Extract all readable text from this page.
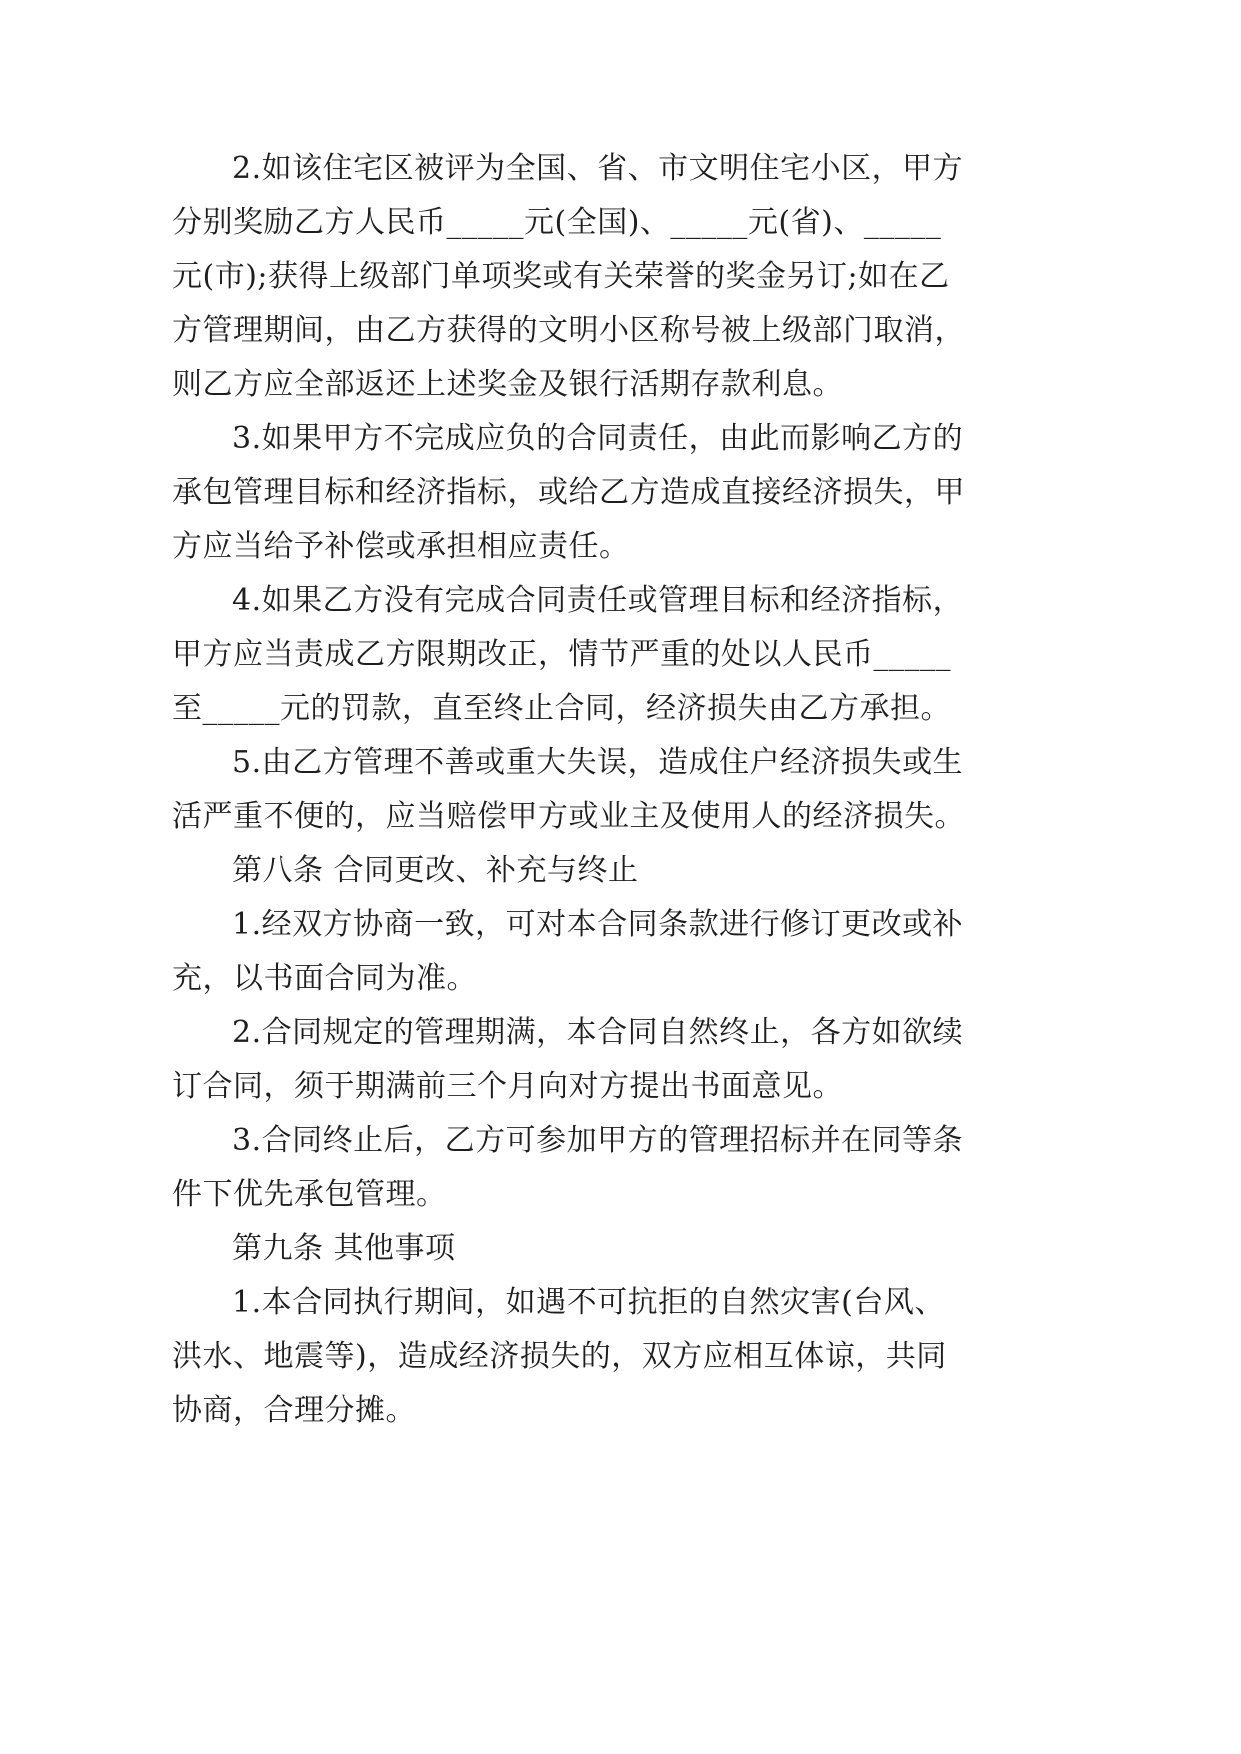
2.如该住宅区被评为全国、省、市文明住宅小区，甲方
分别奖励乙方人民币_____元(全国)、_____元(省)、_____
元(市);获得上级部门单项奖或有关荣誉的奖金另订;如在乙
方管理期间，由乙方获得的文明小区称号被上级部门取消，
则乙方应全部返还上述奖金及银行活期存款利息。
3.如果甲方不完成应负的合同责任，由此而影响乙方的
承包管理目标和经济指标，或给乙方造成直接经济损失，甲
方应当给予补偿或承担相应责任。
4.如果乙方没有完成合同责任或管理目标和经济指标，
甲方应当责成乙方限期改正，情节严重的处以人民币_____
至_____元的罚款，直至终止合同，经济损失由乙方承担。
5.由乙方管理不善或重大失误，造成住户经济损失或生
活严重不便的，应当赔偿甲方或业主及使用人的经济损失。
第八条 合同更改、补充与终止
1.经双方协商一致，可对本合同条款进行修订更改或补
充，以书面合同为准。
2.合同规定的管理期满，本合同自然终止，各方如欲续
订合同，须于期满前三个月向对方提出书面意见。
3.合同终止后，乙方可参加甲方的管理招标并在同等条
件下优先承包管理。
第九条 其他事项
1.本合同执行期间，如遇不可抗拒的自然灾害(台风、
洪水、地震等)，造成经济损失的，双方应相互体谅，共同
协商，合理分摊。
